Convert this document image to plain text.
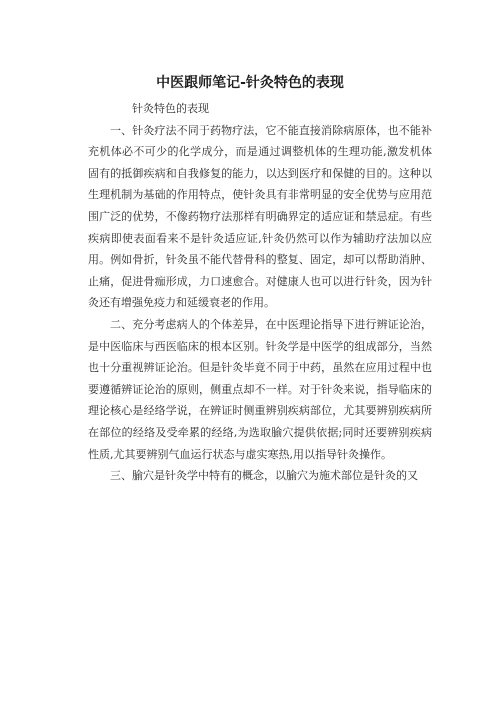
中医跟师笔记-针灸特色的表现

  针灸特色的表现

一、针灸疗法不同于药物疗法，它不能直接消除病原体，也不能补充机体必不可少的化学成分，而是通过调整机体的生理功能,激发机体固有的抵御疾病和自我修复的能力，以达到医疗和保健的目的。这种以生理机制为基础的作用特点，使针灸具有非常明显的安全优势与应用范围广泛的优势，不像药物疗法那样有明确界定的适应证和禁忌症。有些疾病即使表面看来不是针灸适应证,针灸仍然可以作为辅助疗法加以应用。例如骨折，针灸虽不能代替骨科的整复、固定，却可以帮助消肿、止痛，促进骨痂形成，力口速愈合。对健康人也可以进行针灸，因为针灸还有增强免疫力和延缓衰老的作用。

二、充分考虑病人的个体差异，在中医理论指导下进行辨证论治，是中医临床与西医临床的根本区别。针灸学是中医学的组成部分，当然也十分重视辨证论治。但是针灸毕竟不同于中药，虽然在应用过程中也要遵循辨证论治的原则，侧重点却不一样。对于针灸来说，指导临床的理论核心是经络学说，在辨证时侧重辨别疾病部位，尤其要辨别疾病所在部位的经络及受牵累的经络,为选取腧穴提供依据;同时还要辨别疾病性质,尤其要辨别气血运行状态与虚实寒热,用以指导针灸操作。

三、腧穴是针灸学中特有的概念，以腧穴为施术部位是针灸的又
